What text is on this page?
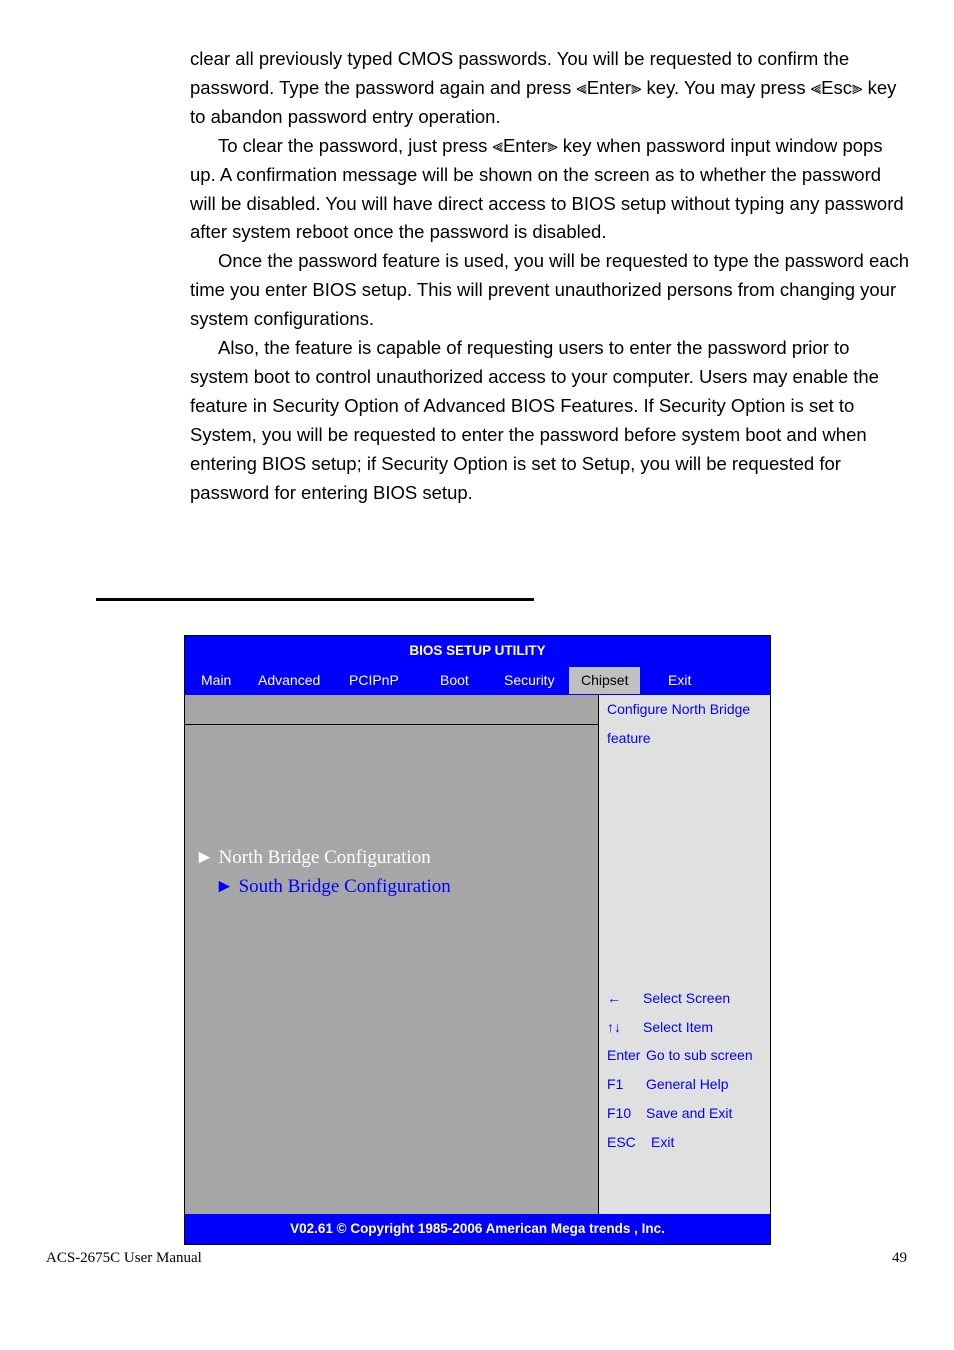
clear all previously typed CMOS passwords. You will be requested to confirm the password. Type the password again and press ⫷Enter⫸ key. You may press ⫷Esc⫸ key to abandon password entry operation.

To clear the password, just press ⫷Enter⫸ key when password input window pops up. A confirmation message will be shown on the screen as to whether the password will be disabled. You will have direct access to BIOS setup without typing any password after system reboot once the password is disabled.

Once the password feature is used, you will be requested to type the password each time you enter BIOS setup. This will prevent unauthorized persons from changing your system configurations.

Also, the feature is capable of requesting users to enter the password prior to system boot to control unauthorized access to your computer. Users may enable the feature in Security Option of Advanced BIOS Features. If Security Option is set to System, you will be requested to enter the password before system boot and when entering BIOS setup; if Security Option is set to Setup, you will be requested for password for entering BIOS setup.

BIOS SETUP UTILITY
Main Advanced PCIPnP	Boot	Security	Chipset	Exit
► North Bridge Configuration
► South Bridge Configuration
Configure North Bridge
feature
← Select Screen
↑↓ Select Item
Enter Go to sub screen
F1 General Help
F10 Save and Exit
ESC Exit
V02.61 © Copyright 1985-2006 American Mega trends , Inc.
ACS-2675C User Manual	49
